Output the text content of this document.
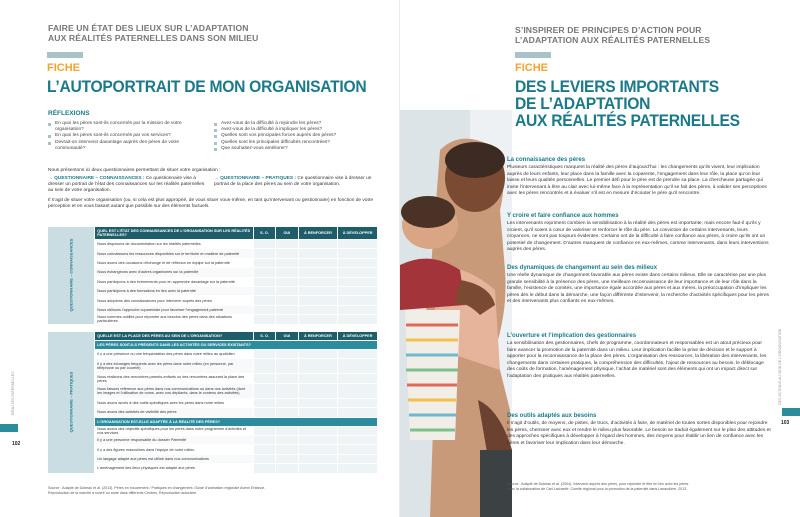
FAIRE UN ÉTAT DES LIEUX SUR L’ADAPTATION
AUX RÉALITÉS PATERNELLES DANS SON MILIEU
FICHE
L’AUTOPORTRAIT DE MON ORGANISATION
RÉFLEXIONS
En quoi les pères sont-ils concernés par la mission de votre organisation?
En quoi les pères sont-ils concernés par vos services?
Devrait-on intervenir davantage auprès des pères de votre communauté?
Avez-vous de la difficulté à rejoindre les pères?
Avez-vous de la difficulté à impliquer les pères?
Quelles sont vos principales forces auprès des pères?
Quelles sont les principales difficultés rencontrées?
Que souhaitez-vous améliorer?
Nous présentons ici deux questionnaires permettant de situer votre organisation :
→ QUESTIONNAIRE – CONNAISSANCES : Ce questionnaire vise à dresser un portrait de l’état des connaissances sur les réalités paternelles au sein de votre organisation.
→ QUESTIONNAIRE – PRATIQUES : Ce questionnaire vise à dresser un portrait de la place des pères au sein de votre organisation.
Il s’agit de situer votre organisation (ou, si cela est plus approprié, de vous situer vous-même, en tant qu’intervenant ou gestionnaire) en fonction de votre perception et en vous basant autant que possible sur des éléments factuels.
QUESTIONNAIRE – CONNAISSANCES	QUEL EST L’ÉTAT DES CONNAISSANCES DE L’ORGANISATION SUR LES RÉALITÉS PATERNELLES?	S. O.	OUI	À RENFORCER	À DÉVELOPPER
	Nous disposons de documentation sur les réalités paternelles				
	Nous connaissons les ressources disponibles sur le territoire en matière de paternité				
	Nous avons des occasions d’échange et de réflexion en équipe sur la paternité				
	Nous échangeons avec d’autres organismes sur la paternité				
	Nous participons à des événements pour en apprendre davantage sur la paternité				
	Nous participons à des formations en lien avec la paternité				
	Nous adoptons des connaissances pour intervenir auprès des pères				
	Nous utilisons l’approche coparentale pour favoriser l’engagement paternel				
	Nous sommes outillés pour répondre aux besoins des pères dans des situations particulières				
QUESTIONNAIRE – PRATIQUES	QUELLE EST LA PLACE DES PÈRES AU SEIN DE L’ORGANISATION?	S. O.	OUI	À RENFORCER	À DÉVELOPPER
	LES PÈRES SONT-ILS PRÉSENTS DANS LES ACTIVITÉS OU SERVICES EXISTANTS?				
	Il y a une présence ou une fréquentation des pères dans notre milieu au quotidien				
	Il y a des échanges fréquents avec les pères dans notre milieu (en personne, par téléphone ou par courriel)				
	Nous réalisons des rencontres parents-enfants ou des rencontres assurant la place des pères				
	Nous faisons référence aux pères dans nos communications ou dans nos activités (dont les images et l’utilisation de noms, avec nos dépliants, dans le contenu des activités)				
	Nous avons accès à des outils spécifiques avec les pères dans notre milieu				
	Nous avons des activités de visibilité des pères				
	L’ORGANISATION EST-ELLE ADAPTÉE À LA RÉALITÉ DES PÈRES?				
	Nous avons des objectifs spécifiques pour les pères dans notre programme d’activités et nos services				
	Il y a une personne responsable du dossier Paternité				
	Il y a des figures masculines dans l’équipe de notre milieu				
	Un langage adapté aux pères est utilisé dans nos communications				
	L’aménagement des lieux physiques est adapté aux pères				
Source : Adapté de Dubeau et al. (2013). Pères en mouvement / Pratiques en changement. Guide d’animation régionale Avenir Enfance.
Reproduction de la marche à suivre ou autre dans différents Centres. Reproduction autorisée.
RÉALITÉS PATERNELLES
102
S’INSPIRER DE PRINCIPES D’ACTION POUR
L’ADAPTATION AUX RÉALITÉS PATERNELLES
FICHE
DES LEVIERS IMPORTANTS
DE L’ADAPTATION
AUX RÉALITÉS PATERNELLES
La connaissance des pères
Plusieurs caractéristiques marquent la réalité des pères d’aujourd’hui : les changements qu’ils vivent, leur implication auprès de leurs enfants, leur place dans la famille avec la coparente, l’engagement dans leur rôle, la place qu’on leur laisse et leurs qualités personnelles. Le premier défi pour le père est de prendre sa place. La chercheuse partagée qui invite l’intervenant à être au clair avec lui-même face à la représentation qu’il se fait des pères, à valider ses perceptions avec les pères rencontrés et à évaluer s’il est en mesure d’écouter le père qu’il rencontre.
Y croire et faire confiance aux hommes
Les intervenants expriment combien la sensibilisation à la réalité des pères est importante, mais encore faut-il qu’ils y croient, qu’il soient à cœur de valoriser et renforcer le rôle du père. La conviction de certains intervenants, leurs croyances, ne sont pas toujours évidentes. Certains ont de la difficulté à faire confiance aux pères, à croire qu’ils ont un potentiel de changement. D’autres manquent de confiance en eux-mêmes, comme intervenants, dans leurs interventions auprès des pères.
Des dynamiques de changement au sein des milieux
Une réelle dynamique de changement favorable aux pères existe dans certains milieux. Elle se caractérise par une plus grande sensibilité à la présence des pères, une meilleure reconnaissance de leur importance et de leur rôle dans la famille, l’existence de comités, une importance égale accordée aux pères et aux mères, la préoccupation d’impliquer les pères dès le début dans la démarche, une façon différente d’intervenir, la recherche d’activités spécifiques pour les pères et des intervenants plus confiants en eux-mêmes.
L’ouverture et l’implication des gestionnaires
La sensibilisation des gestionnaires, chefs de programme, coordonnateurs et responsables est un atout précieux pour faire avancer la promotion de la paternité dans un milieu. Leur implication facilite la prise de décision et le support à apporter pour la reconnaissance de la place des pères. L’organisation des ressources, la libération des intervenants, les changements dans certaines pratiques, la compréhension des difficultés, l’ajout de ressources au besoin, le déblocage des coûts de formation, l’aménagement physique, l’achat de matériel sont des éléments qui ont un impact direct sur l’adaptation des pratiques aux réalités paternelles.
Des outils adaptés aux besoins
Il s’agit d’outils, de moyens, de pistes, de trucs, d’activités à faire, de matériel de toutes sortes disponibles pour rejoindre les pères, cheminer avec eux et rendre le milieu plus favorable. Le besoin se traduit également sur le plan des attitudes et des approches spécifiques à développer à l’égard des hommes, des moyens pour établir un lien de confiance avec les pères et favoriser leur implication dans leur démarche.
Source : Adapté de Dubeau et al. (2004). Intervenir auprès des pères, pour rejoindre et être en lien avec les pères.
Avec la collaboration de Carl Lacharité, Comité régional pour la promotion de la paternité dans Lanaudière, 2013.
DES ACTIONS AU SEIN DE L’ORGANISATION
103
